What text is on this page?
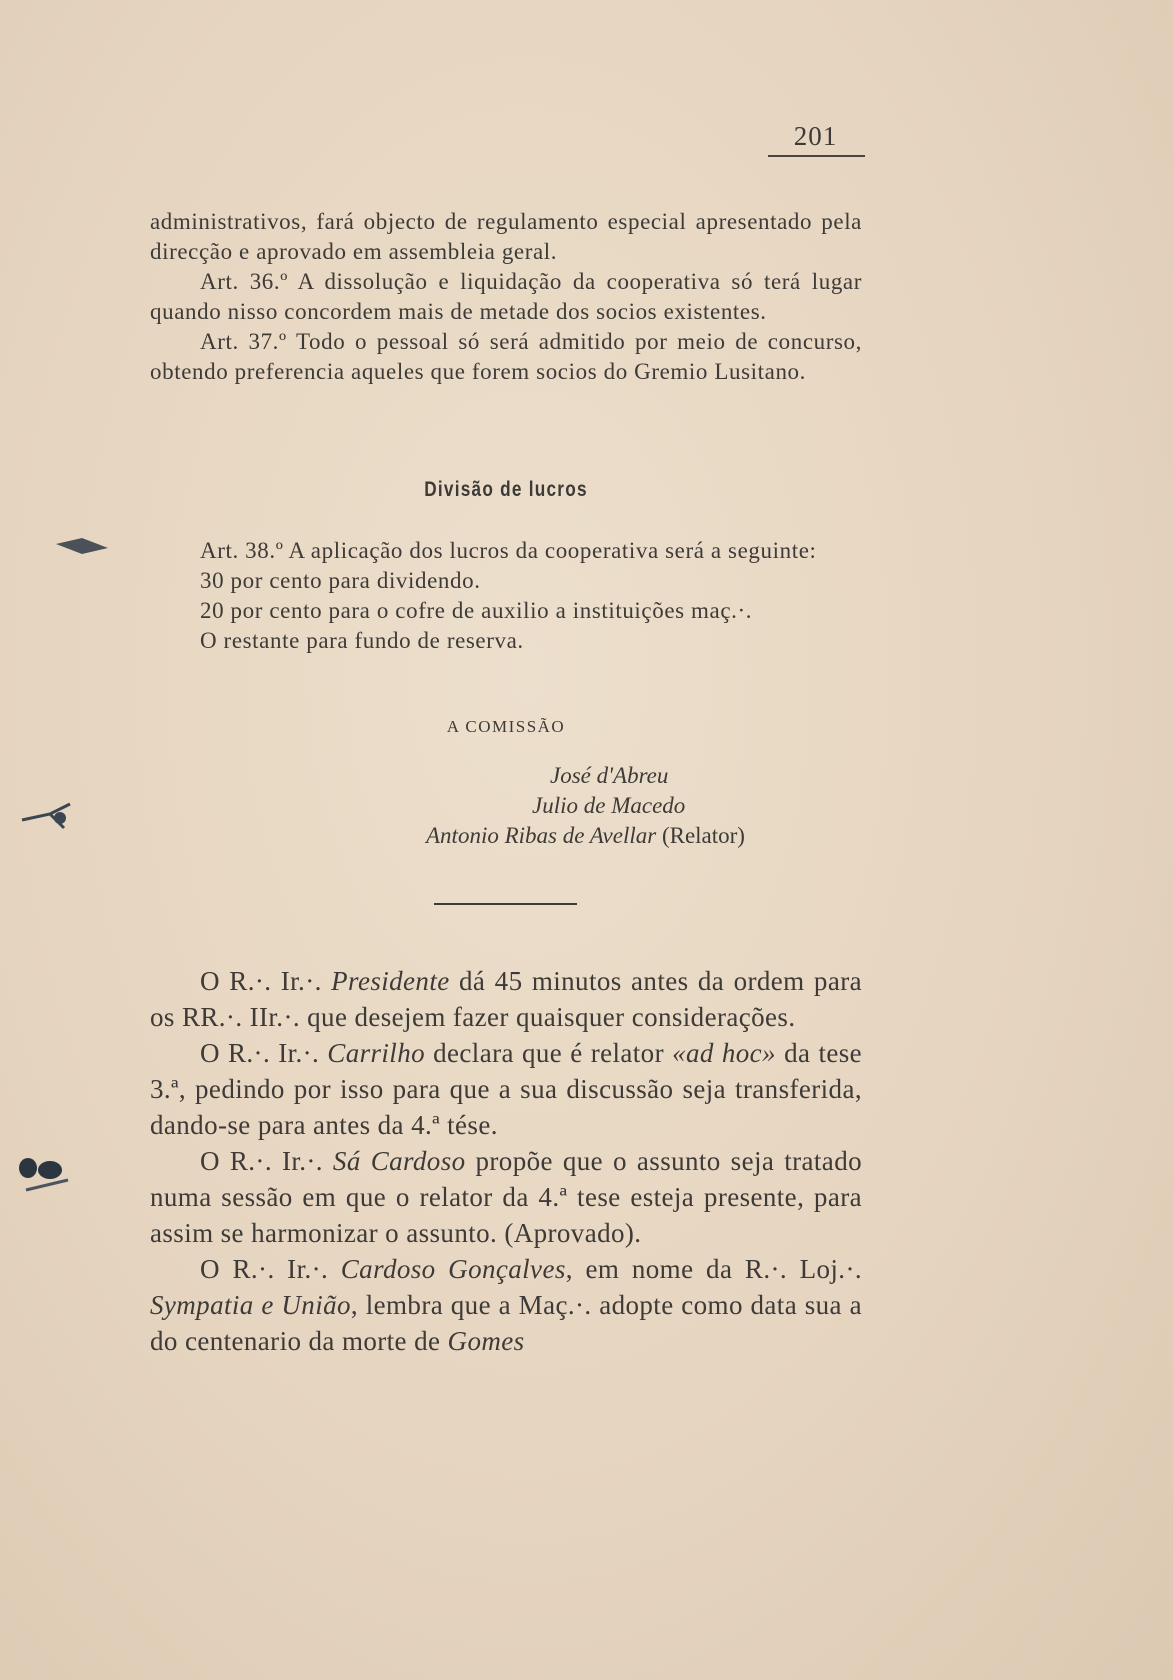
201

administrativos, fará objecto de regulamento especial apresentado pela direcção e aprovado em assembleia geral.

Art. 36.º A dissolução e liquidação da cooperativa só terá lugar quando nisso concordem mais de metade dos socios existentes.

Art. 37.º Todo o pessoal só será admitido por meio de concurso, obtendo preferencia aqueles que forem socios do Gremio Lusitano.

Divisão de lucros

Art. 38.º A aplicação dos lucros da cooperativa será a seguinte:

30 por cento para dividendo.

20 por cento para o cofre de auxilio a instituições maç.·.

O restante para fundo de reserva.

A COMISSÃO
José d'Abreu
Julio de Macedo
Antonio Ribas de Avellar (Relator)

O R.·. Ir.·. Presidente dá 45 minutos antes da ordem para os RR.·. IIr.·. que desejem fazer quaisquer considerações.

O R.·. Ir.·. Carrilho declara que é relator «ad hoc» da tese 3.ª, pedindo por isso para que a sua discussão seja transferida, dando-se para antes da 4.ª tése.

O R.·. Ir.·. Sá Cardoso propõe que o assunto seja tratado numa sessão em que o relator da 4.ª tese esteja presente, para assim se harmonizar o assunto. (Aprovado).

O R.·. Ir.·. Cardoso Gonçalves, em nome da R.·. Loj.·. Sympatia e União, lembra que a Maç.·. adopte como data sua a do centenario da morte de Gomes
